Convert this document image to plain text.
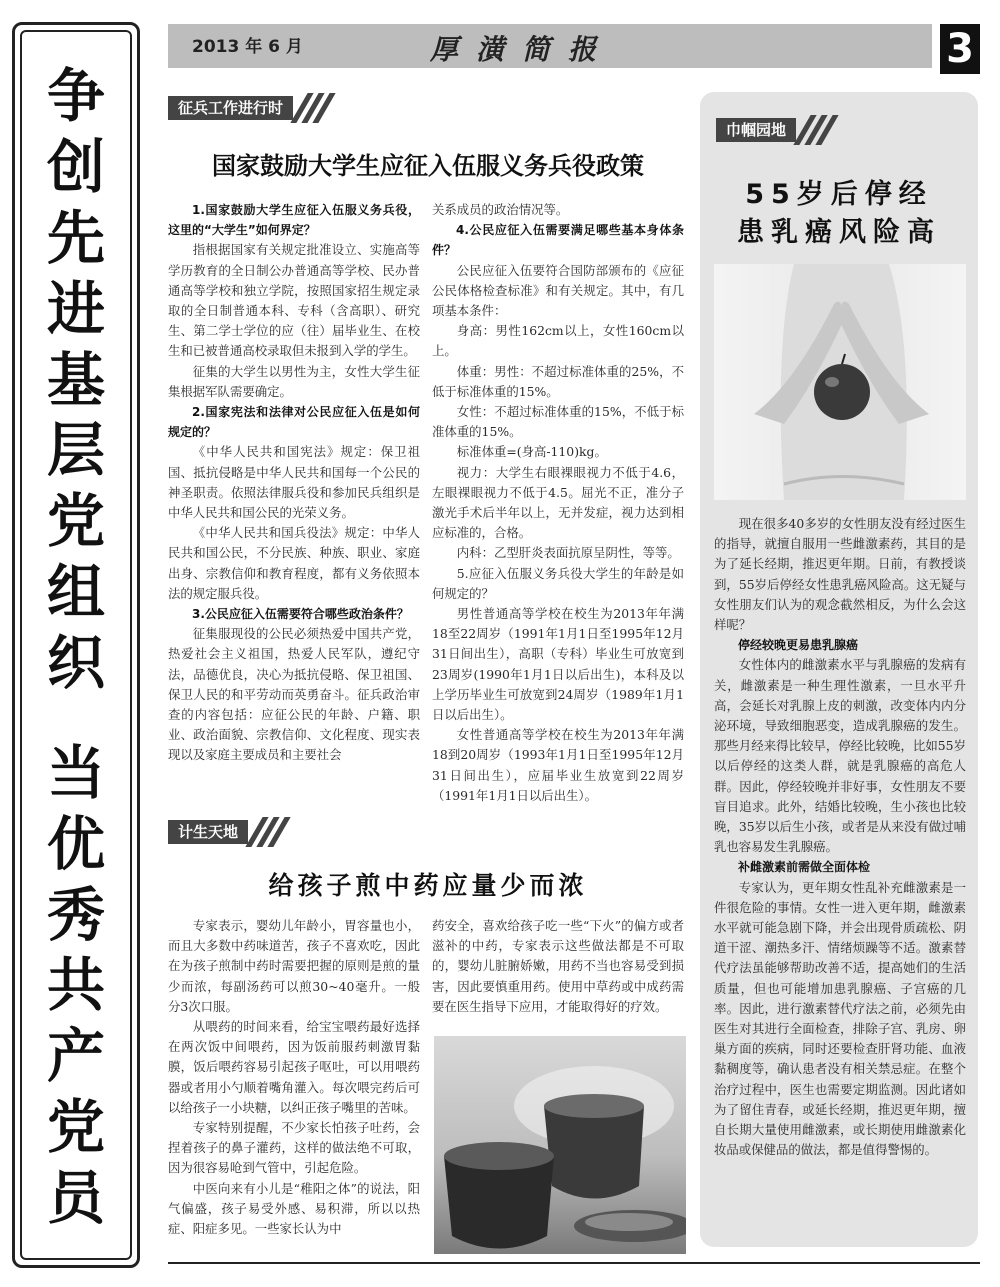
争
创
先
进
基
层
党
组
织
当
优
秀
共
产
党
员
2013 年 6 月	厚潢简报	3
征兵工作进行时
国家鼓励大学生应征入伍服义务兵役政策

1.国家鼓励大学生应征入伍服义务兵役，这里的“大学生”如何界定？

指根据国家有关规定批准设立、实施高等学历教育的全日制公办普通高等学校、民办普通高等学校和独立学院，按照国家招生规定录取的全日制普通本科、专科（含高职）、研究生、第二学士学位的应（往）届毕业生、在校生和已被普通高校录取但未报到入学的学生。

征集的大学生以男性为主，女性大学生征集根据军队需要确定。

2.国家宪法和法律对公民应征入伍是如何规定的？

《中华人民共和国宪法》规定：保卫祖国、抵抗侵略是中华人民共和国每一个公民的神圣职责。依照法律服兵役和参加民兵组织是中华人民共和国公民的光荣义务。

《中华人民共和国兵役法》规定：中华人民共和国公民，不分民族、种族、职业、家庭出身、宗教信仰和教育程度，都有义务依照本法的规定服兵役。

3.公民应征入伍需要符合哪些政治条件？

征集服现役的公民必须热爱中国共产党，热爱社会主义祖国，热爱人民军队，遵纪守法，品德优良，决心为抵抗侵略、保卫祖国、保卫人民的和平劳动而英勇奋斗。征兵政治审查的内容包括：应征公民的年龄、户籍、职业、政治面貌、宗教信仰、文化程度、现实表现以及家庭主要成员和主要社会

关系成员的政治情况等。

4.公民应征入伍需要满足哪些基本身体条件？

公民应征入伍要符合国防部颁布的《应征公民体格检查标准》和有关规定。其中，有几项基本条件：

身高：男性162cm以上，女性160cm以上。

体重：男性：不超过标准体重的25%，不低于标准体重的15%。

女性：不超过标准体重的15%，不低于标准体重的15%。

标准体重=(身高-110)kg。

视力：大学生右眼裸眼视力不低于4.6，左眼裸眼视力不低于4.5。屈光不正，准分子激光手术后半年以上，无并发症，视力达到相应标准的，合格。

内科：乙型肝炎表面抗原呈阴性，等等。

5.应征入伍服义务兵役大学生的年龄是如何规定的？

男性普通高等学校在校生为2013年年满18至22周岁（1991年1月1日至1995年12月31日间出生），高职（专科）毕业生可放宽到23周岁(1990年1月1日以后出生)，本科及以上学历毕业生可放宽到24周岁（1989年1月1日以后出生）。

女性普通高等学校在校生为2013年年满18到20周岁（1993年1月1日至1995年12月31日间出生），应届毕业生放宽到22周岁（1991年1月1日以后出生）。

计生天地
给孩子煎中药应量少而浓

专家表示，婴幼儿年龄小，胃容量也小，而且大多数中药味道苦，孩子不喜欢吃，因此在为孩子煎制中药时需要把握的原则是煎的量少而浓，每副汤药可以煎30~40毫升。一般分3次口服。

从喂药的时间来看，给宝宝喂药最好选择在两次饭中间喂药，因为饭前服药刺激胃黏膜，饭后喂药容易引起孩子呕吐，可以用喂药器或者用小勺顺着嘴角灌入。每次喂完药后可以给孩子一小块糖，以纠正孩子嘴里的苦味。

专家特别提醒，不少家长怕孩子吐药，会捏着孩子的鼻子灌药，这样的做法绝不可取，因为很容易呛到气管中，引起危险。

中医向来有小儿是“稚阳之体”的说法，阳气偏盛，孩子易受外感、易积滞，所以以热症、阳症多见。一些家长认为中

药安全，喜欢给孩子吃一些“下火”的偏方或者滋补的中药，专家表示这些做法都是不可取的，婴幼儿脏腑娇嫩，用药不当也容易受到损害，因此要慎重用药。使用中草药或中成药需要在医生指导下应用，才能取得好的疗效。

巾帼园地
55岁后停经
患乳癌风险高

现在很多40多岁的女性朋友没有经过医生的指导，就擅自服用一些雌激素药，其目的是为了延长经期，推迟更年期。日前，有教授谈到，55岁后停经女性患乳癌风险高。这无疑与女性朋友们认为的观念截然相反，为什么会这样呢？

停经较晚更易患乳腺癌

女性体内的雌激素水平与乳腺癌的发病有关，雌激素是一种生理性激素，一旦水平升高，会延长对乳腺上皮的刺激，改变体内内分泌环境，导致细胞恶变，造成乳腺癌的发生。那些月经来得比较早，停经比较晚，比如55岁以后停经的这类人群，就是乳腺癌的高危人群。因此，停经较晚并非好事，女性朋友不要盲目追求。此外，结婚比较晚，生小孩也比较晚，35岁以后生小孩，或者是从来没有做过哺乳也容易发生乳腺癌。

补雌激素前需做全面体检

专家认为，更年期女性乱补充雌激素是一件很危险的事情。女性一进入更年期，雌激素水平就可能急剧下降，并会出现骨质疏松、阴道干涩、潮热多汗、情绪烦躁等不适。激素替代疗法虽能够帮助改善不适，提高她们的生活质量，但也可能增加患乳腺癌、子宫癌的几率。因此，进行激素替代疗法之前，必须先由医生对其进行全面检查，排除子宫、乳房、卵巢方面的疾病，同时还要检查肝肾功能、血液黏稠度等，确认患者没有相关禁忌症。在整个治疗过程中，医生也需要定期监测。因此诸如为了留住青春，或延长经期，推迟更年期，擅自长期大量使用雌激素，或长期使用雌激素化妆品或保健品的做法，都是值得警惕的。
